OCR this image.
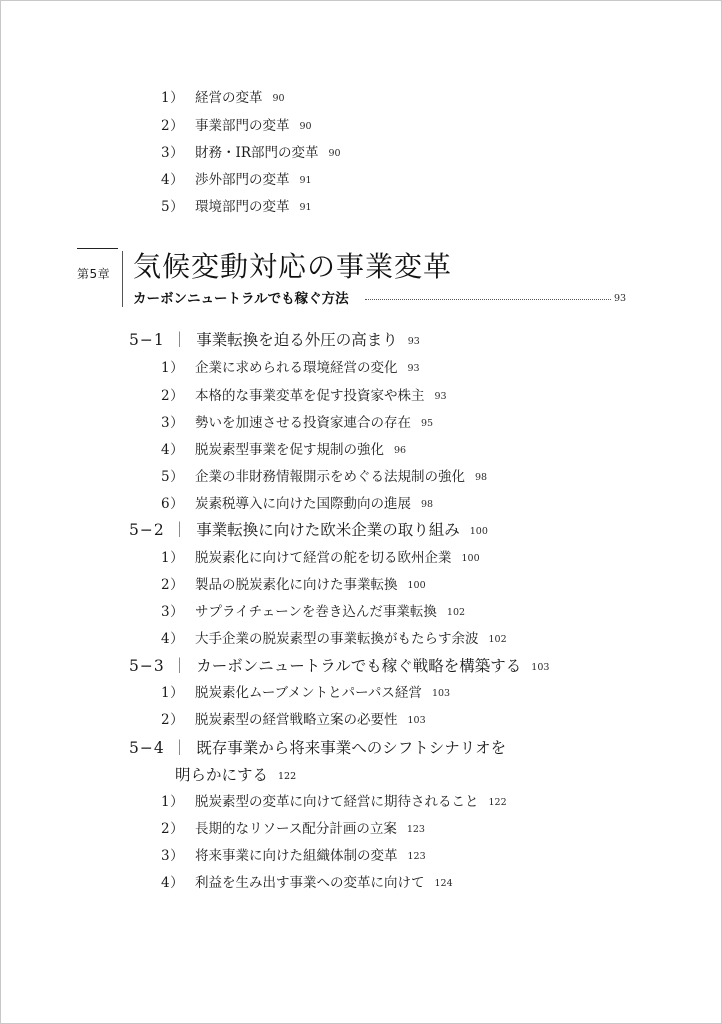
1） 経営の変革 90
2） 事業部門の変革 90
3） 財務・IR部門の変革 90
4） 渉外部門の変革 91
5） 環境部門の変革 91
第5章 気候変動対応の事業変革
カーボンニュートラルでも稼ぐ方法	93
5−1 ｜ 事業転換を迫る外圧の高まり 93
1） 企業に求められる環境経営の変化 93
2） 本格的な事業変革を促す投資家や株主 93
3） 勢いを加速させる投資家連合の存在 95
4） 脱炭素型事業を促す規制の強化 96
5） 企業の非財務情報開示をめぐる法規制の強化 98
6） 炭素税導入に向けた国際動向の進展 98
5−2 ｜ 事業転換に向けた欧米企業の取り組み 100
1） 脱炭素化に向けて経営の舵を切る欧州企業 100
2） 製品の脱炭素化に向けた事業転換 100
3） サプライチェーンを巻き込んだ事業転換 102
4） 大手企業の脱炭素型の事業転換がもたらす余波 102
5−3 ｜ カーボンニュートラルでも稼ぐ戦略を構築する 103
1） 脱炭素化ムーブメントとパーパス経営 103
2） 脱炭素型の経営戦略立案の必要性 103
5−4 ｜ 既存事業から将来事業へのシフトシナリオを
明らかにする 122
1） 脱炭素型の変革に向けて経営に期待されること 122
2） 長期的なリソース配分計画の立案 123
3） 将来事業に向けた組織体制の変革 123
4） 利益を生み出す事業への変革に向けて 124
